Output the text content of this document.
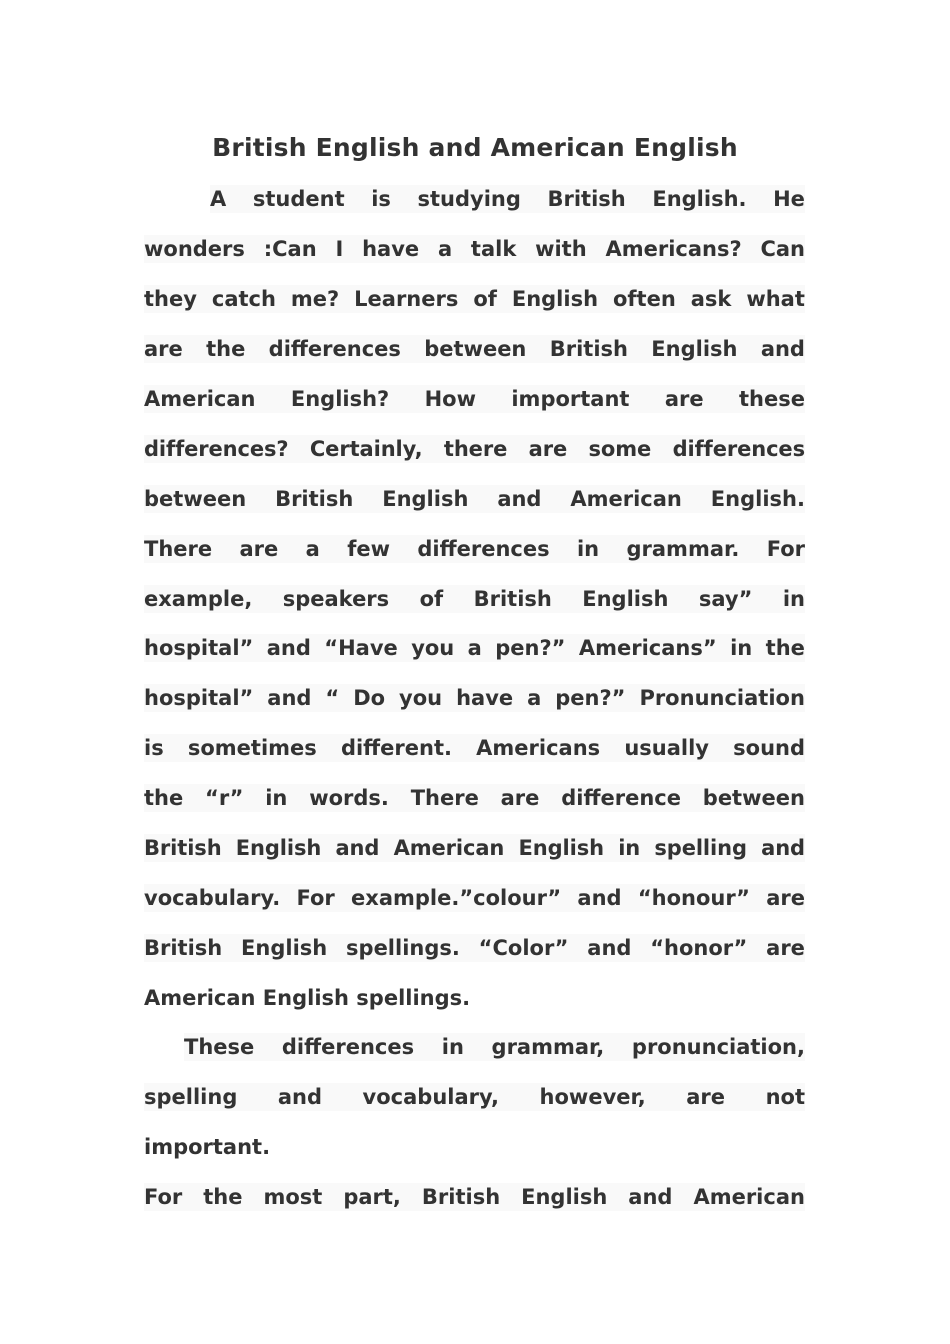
British English and American English
A student is studying British English. He
wonders :Can I have a talk with Americans? Can
they catch me? Learners of English often ask what
are the differences between British English and
American English? How important are these
differences? Certainly, there are some differences
between British English and American English.
There are a few differences in grammar. For
example, speakers of British English say” in
hospital” and “Have you a pen?” Americans” in the
hospital” and “ Do you have a pen?” Pronunciation
is sometimes different. Americans usually sound
the “r” in words. There are difference between
British English and American English in spelling and
vocabulary. For example.”colour” and “honour” are
British English spellings. “Color” and “honor” are
American English spellings.
These differences in grammar, pronunciation,
spelling and vocabulary, however, are not
important.
For the most part, British English and American
